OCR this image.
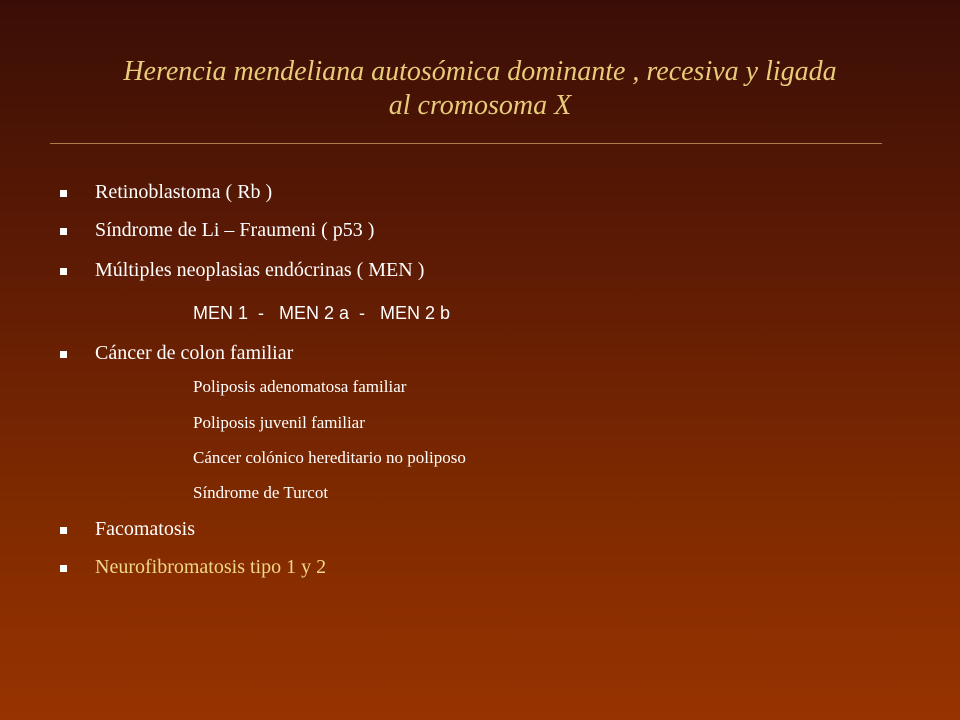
Herencia mendeliana autosómica dominante , recesiva y ligada
al cromosoma X
Retinoblastoma ( Rb )
Síndrome de Li – Fraumeni ( p53 )
Múltiples neoplasias endócrinas ( MEN )
MEN 1  -   MEN 2 a  -   MEN 2 b
Cáncer de colon familiar
Poliposis adenomatosa familiar
Poliposis juvenil familiar
Cáncer colónico hereditario no poliposo
Síndrome de Turcot
Facomatosis
Neurofibromatosis tipo 1 y 2
